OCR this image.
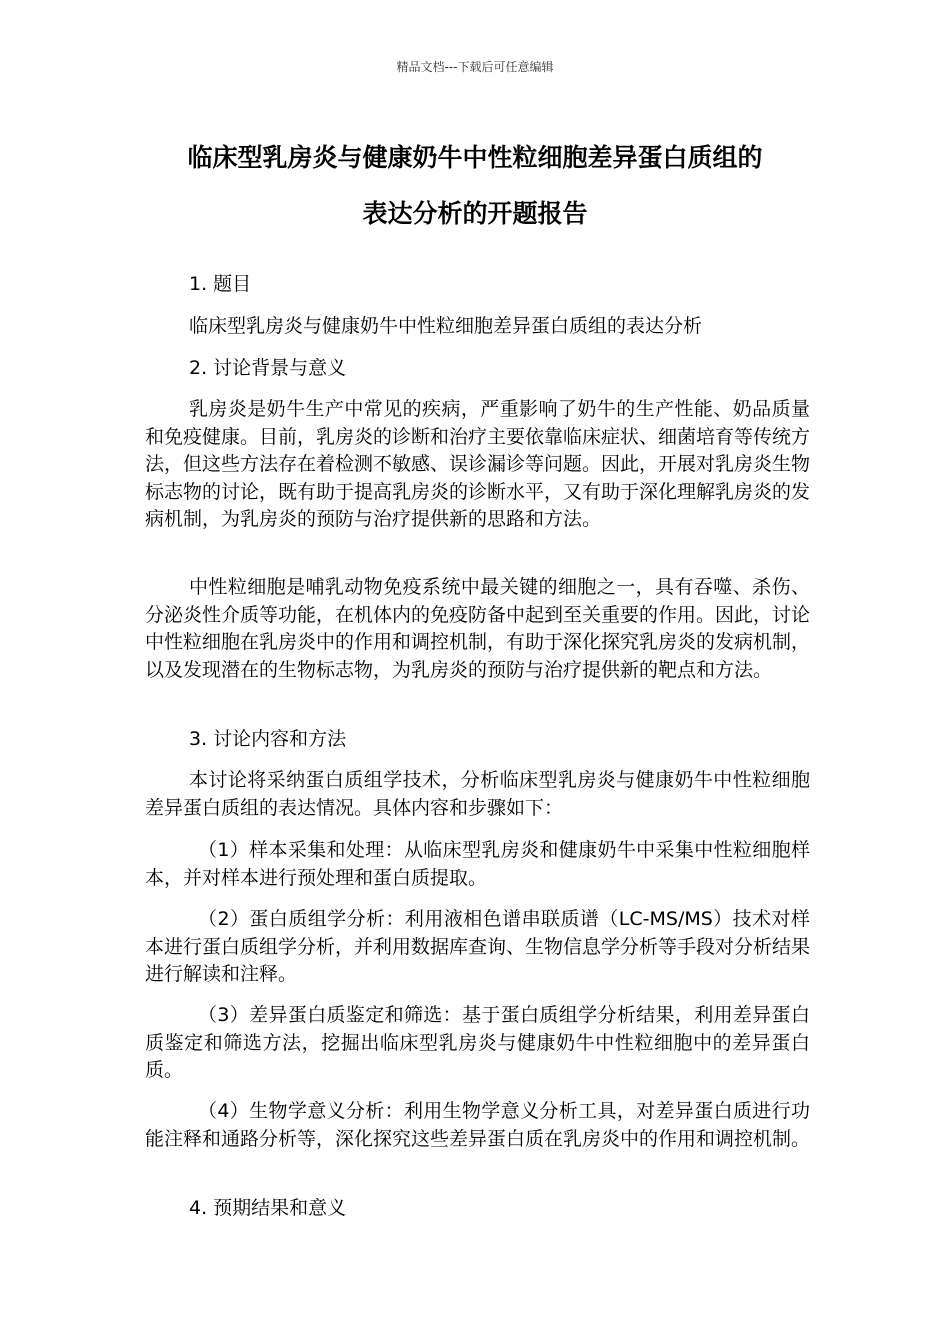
精品文档---下载后可任意编辑
临床型乳房炎与健康奶牛中性粒细胞差异蛋白质组的
表达分析的开题报告
1. 题目
临床型乳房炎与健康奶牛中性粒细胞差异蛋白质组的表达分析
2. 讨论背景与意义
乳房炎是奶牛生产中常见的疾病，严重影响了奶牛的生产性能、奶品质量和免疫健康。目前，乳房炎的诊断和治疗主要依靠临床症状、细菌培育等传统方法，但这些方法存在着检测不敏感、误诊漏诊等问题。因此，开展对乳房炎生物标志物的讨论，既有助于提高乳房炎的诊断水平，又有助于深化理解乳房炎的发病机制，为乳房炎的预防与治疗提供新的思路和方法。
中性粒细胞是哺乳动物免疫系统中最关键的细胞之一，具有吞噬、杀伤、分泌炎性介质等功能，在机体内的免疫防备中起到至关重要的作用。因此，讨论中性粒细胞在乳房炎中的作用和调控机制，有助于深化探究乳房炎的发病机制，以及发现潜在的生物标志物，为乳房炎的预防与治疗提供新的靶点和方法。
3. 讨论内容和方法
本讨论将采纳蛋白质组学技术，分析临床型乳房炎与健康奶牛中性粒细胞差异蛋白质组的表达情况。具体内容和步骤如下：
（1）样本采集和处理：从临床型乳房炎和健康奶牛中采集中性粒细胞样本，并对样本进行预处理和蛋白质提取。
（2）蛋白质组学分析：利用液相色谱串联质谱（LC-MS/MS）技术对样本进行蛋白质组学分析，并利用数据库查询、生物信息学分析等手段对分析结果进行解读和注释。
（3）差异蛋白质鉴定和筛选：基于蛋白质组学分析结果，利用差异蛋白质鉴定和筛选方法，挖掘出临床型乳房炎与健康奶牛中性粒细胞中的差异蛋白质。
（4）生物学意义分析：利用生物学意义分析工具，对差异蛋白质进行功能注释和通路分析等，深化探究这些差异蛋白质在乳房炎中的作用和调控机制。
4. 预期结果和意义
